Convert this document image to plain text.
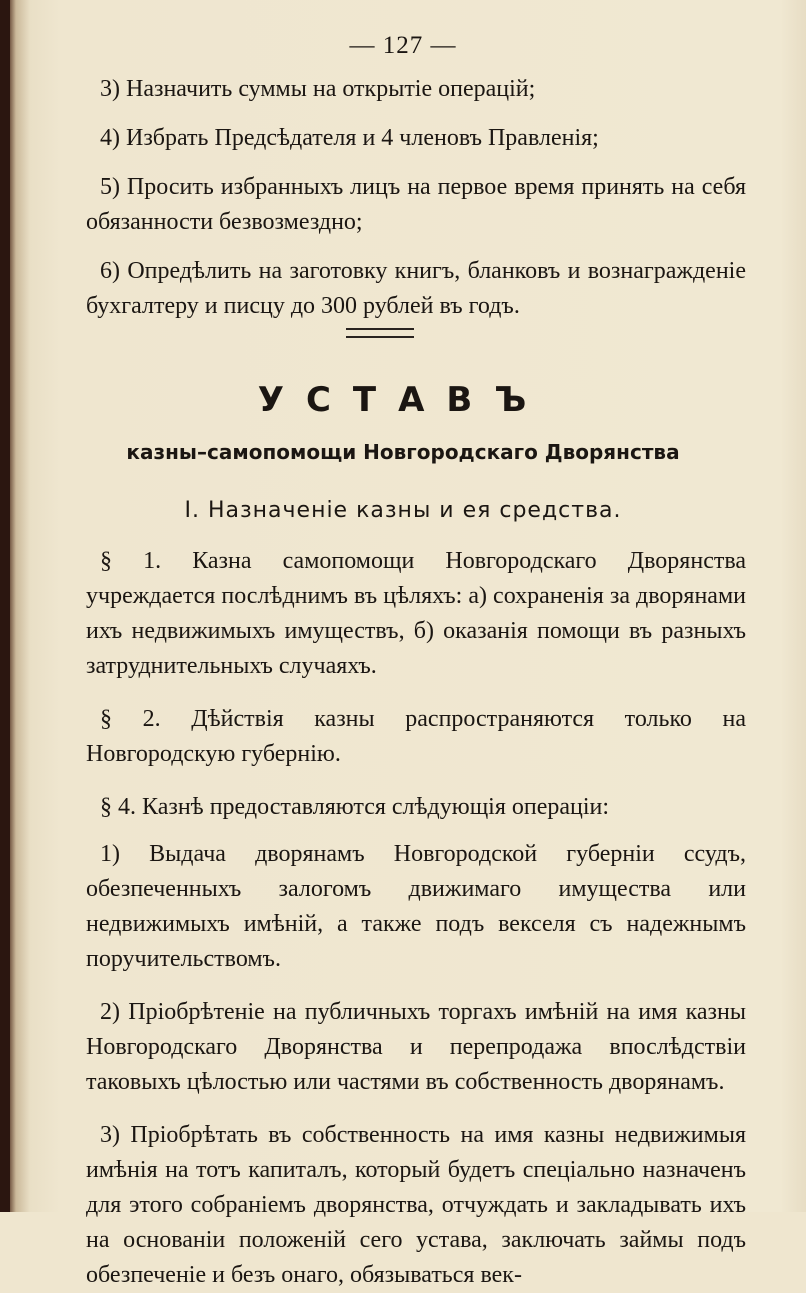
— 127 —

3) Назначить суммы на открытіе операцій;

4) Избрать Предсѣдателя и 4 членовъ Правленія;

5) Просить избранныхъ лицъ на первое время принять на себя обязанности безвозмездно;

6) Опредѣлить на заготовку книгъ, бланковъ и вознагражденіе бухгалтеру и писцу до 300 рублей въ годъ.

УСТАВЪ
казны–самопомощи Новгородскаго Дворянства
I. Назначеніе казны и ея средства.

§ 1. Казна самопомощи Новгородскаго Дворянства учреждается послѣднимъ въ цѣляхъ: а) сохраненія за дворянами ихъ недвижимыхъ имуществъ, б) оказанія помощи въ разныхъ затруднительныхъ случаяхъ.

§ 2. Дѣйствія казны распространяются только на Новгородскую губернію.

§ 4. Казнѣ предоставляются слѣдующія операціи:

1) Выдача дворянамъ Новгородской губерніи ссудъ, обезпеченныхъ залогомъ движимаго имущества или недвижимыхъ имѣній, а также подъ векселя съ надежнымъ поручительствомъ.

2) Пріобрѣтеніе на публичныхъ торгахъ имѣній на имя казны Новгородскаго Дворянства и перепродажа впослѣдствіи таковыхъ цѣлостью или частями въ собственность дворянамъ.

3) Пріобрѣтать въ собственность на имя казны недвижимыя имѣнія на тотъ капиталъ, который будетъ спеціально назначенъ для этого собраніемъ дворянства, отчуждать и закладывать ихъ на основаніи положеній сего устава, заключать займы подъ обезпеченіе и безъ онаго, обязываться век-
